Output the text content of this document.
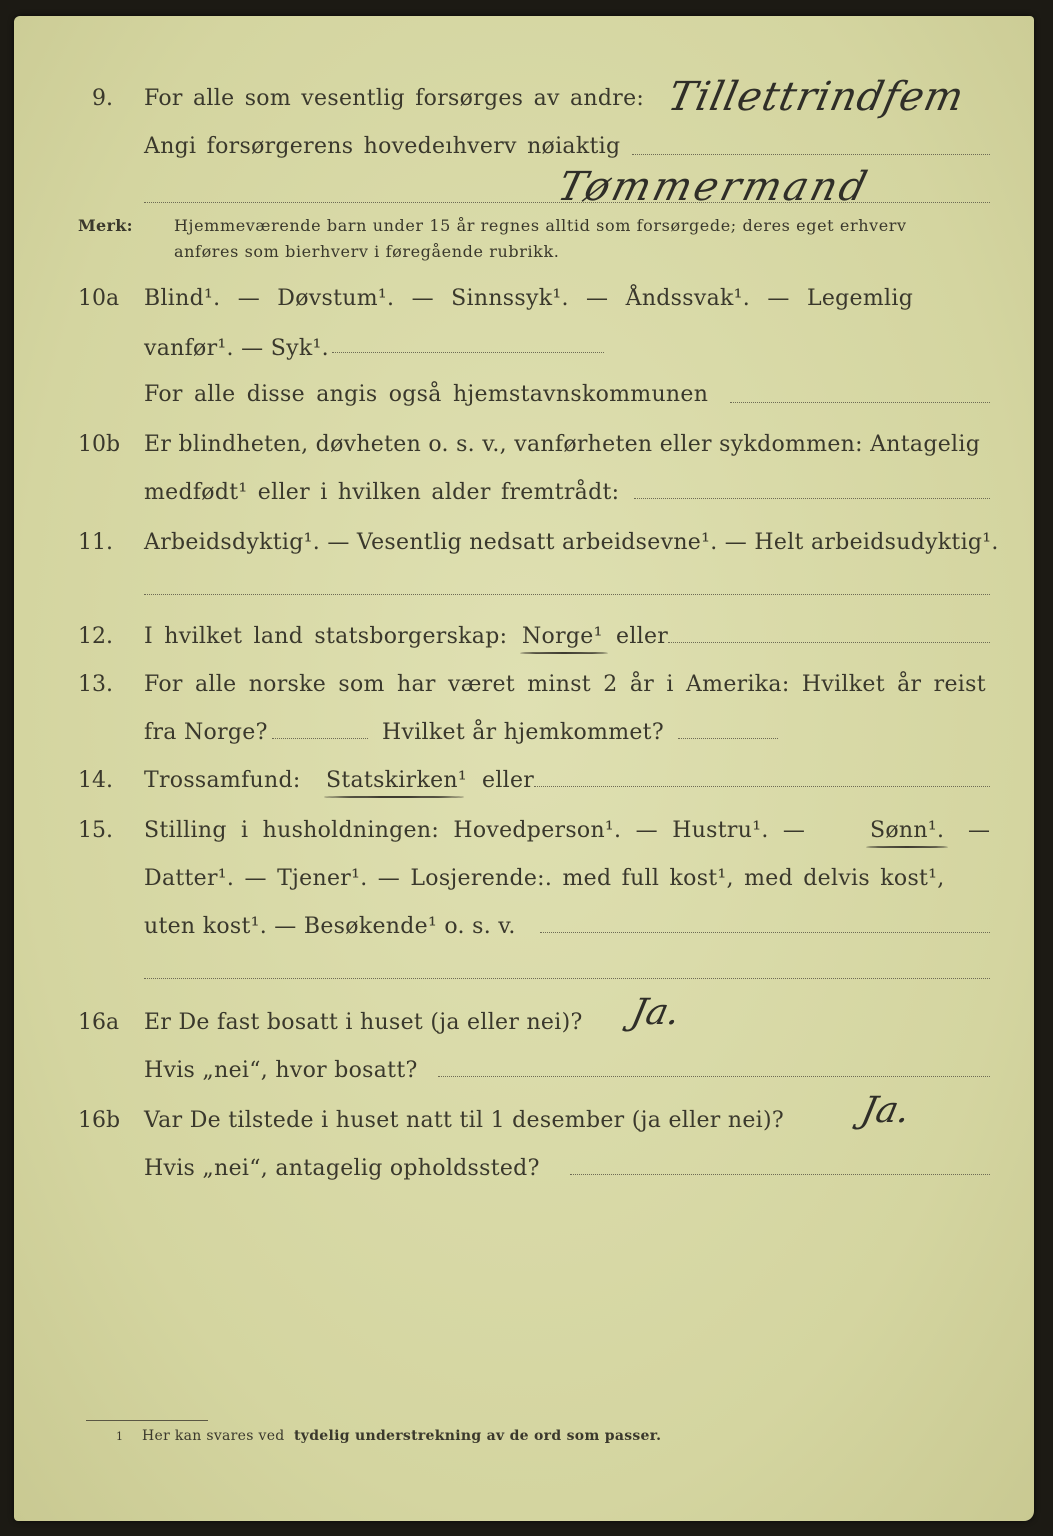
9. For alle som vesentlig forsørges av andre: Tillettrindfem
Angi forsørgerens hovedeıhverv nøiaktig
Tømmermand
Merk:	Hjemmeværende barn under 15 år regnes alltid som forsørgede; deres eget erhverv
anføres som bierhverv i føregående rubrikk.
10a Blind¹. — Døvstum¹. — Sinnssyk¹. — Åndssvak¹. — Legemlig
vanfør¹. — Syk¹.
For alle disse angis også hjemstavnskommunen
10b Er blindheten, døvheten o. s. v., vanførheten eller sykdommen: Antagelig
medfødt¹ eller i hvilken alder fremtrådt:
11. Arbeidsdyktig¹. — Vesentlig nedsatt arbeidsevne¹. — Helt arbeidsudyktig¹.
12. I hvilket land statsborgerskap: Norge¹ eller
13. For alle norske som har været minst 2 år i Amerika: Hvilket år reist
fra Norge?	Hvilket år hjemkommet?
14. Trossamfund: Statskirken¹ eller
15. Stilling i husholdningen: Hovedperson¹. — Hustru¹. —	Sønn¹. —
Datter¹. — Tjener¹. — Losjerende:. med full kost¹, med delvis kost¹,
uten kost¹. — Besøkende¹ o. s. v.
16a Er De fast bosatt i huset (ja eller nei)? Ja.
Hvis „nei“, hvor bosatt?
16b Var De tilstede i huset natt til 1 desember (ja eller nei)? Ja.
Hvis „nei“, antagelig opholdssted?
1 Her kan svares ved tydelig understrekning av de ord som passer.
